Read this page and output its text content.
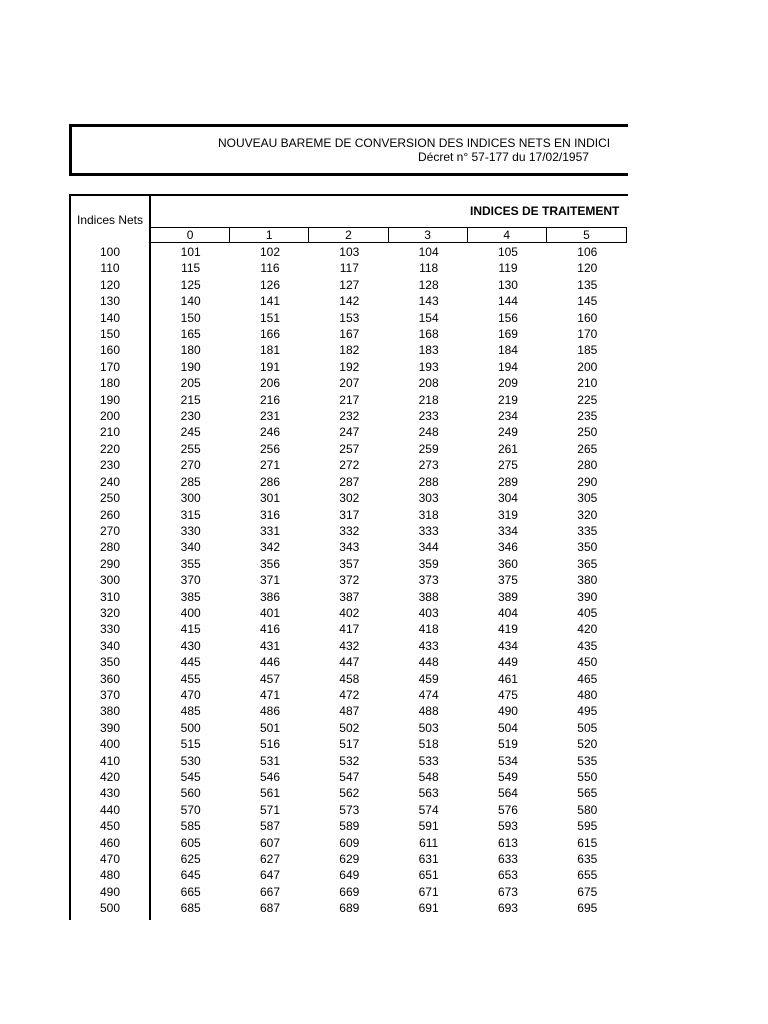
NOUVEAU BAREME DE CONVERSION DES INDICES NETS EN INDICI
Décret n° 57-177 du 17/02/1957
Indices Nets
INDICES DE TRAITEMENT
0	1	2	3	4	5
100	101	102	103	104	105	106
110	115	116	117	118	119	120
120	125	126	127	128	130	135
130	140	141	142	143	144	145
140	150	151	153	154	156	160
150	165	166	167	168	169	170
160	180	181	182	183	184	185
170	190	191	192	193	194	200
180	205	206	207	208	209	210
190	215	216	217	218	219	225
200	230	231	232	233	234	235
210	245	246	247	248	249	250
220	255	256	257	259	261	265
230	270	271	272	273	275	280
240	285	286	287	288	289	290
250	300	301	302	303	304	305
260	315	316	317	318	319	320
270	330	331	332	333	334	335
280	340	342	343	344	346	350
290	355	356	357	359	360	365
300	370	371	372	373	375	380
310	385	386	387	388	389	390
320	400	401	402	403	404	405
330	415	416	417	418	419	420
340	430	431	432	433	434	435
350	445	446	447	448	449	450
360	455	457	458	459	461	465
370	470	471	472	474	475	480
380	485	486	487	488	490	495
390	500	501	502	503	504	505
400	515	516	517	518	519	520
410	530	531	532	533	534	535
420	545	546	547	548	549	550
430	560	561	562	563	564	565
440	570	571	573	574	576	580
450	585	587	589	591	593	595
460	605	607	609	611	613	615
470	625	627	629	631	633	635
480	645	647	649	651	653	655
490	665	667	669	671	673	675
500	685	687	689	691	693	695
